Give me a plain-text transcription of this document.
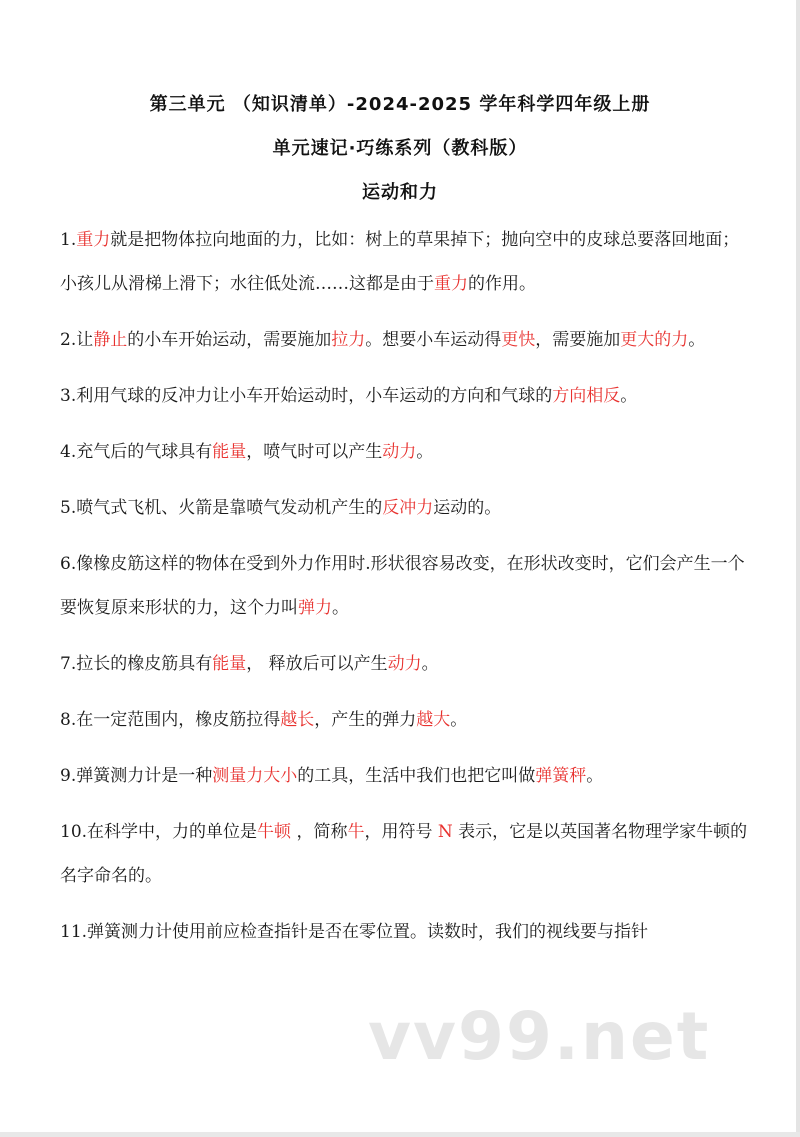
第三单元 （知识清单）-2024-2025 学年科学四年级上册
单元速记·巧练系列（教科版）
运动和力
1.重力就是把物体拉向地面的力，比如：树上的草果掉下；抛向空中的皮球总要落回地面；小孩儿从滑梯上滑下；水往低处流……这都是由于重力的作用。
2.让静止的小车开始运动，需要施加拉力。想要小车运动得更快，需要施加更大的力。
3.利用气球的反冲力让小车开始运动时，小车运动的方向和气球的方向相反。
4.充气后的气球具有能量，喷气时可以产生动力。
5.喷气式飞机、火箭是靠喷气发动机产生的反冲力运动的。
6.像橡皮筋这样的物体在受到外力作用时.形状很容易改变，在形状改变时，它们会产生一个要恢复原来形状的力，这个力叫弹力。
7.拉长的橡皮筋具有能量， 释放后可以产生动力。
8.在一定范围内，橡皮筋拉得越长，产生的弹力越大。
9.弹簧测力计是一种测量力大小的工具，生活中我们也把它叫做弹簧秤。
10.在科学中，力的单位是牛顿 ，简称牛，用符号 N 表示，它是以英国著名物理学家牛顿的名字命名的。
11.弹簧测力计使用前应检查指针是否在零位置。读数时，我们的视线要与指针
vv99.net
